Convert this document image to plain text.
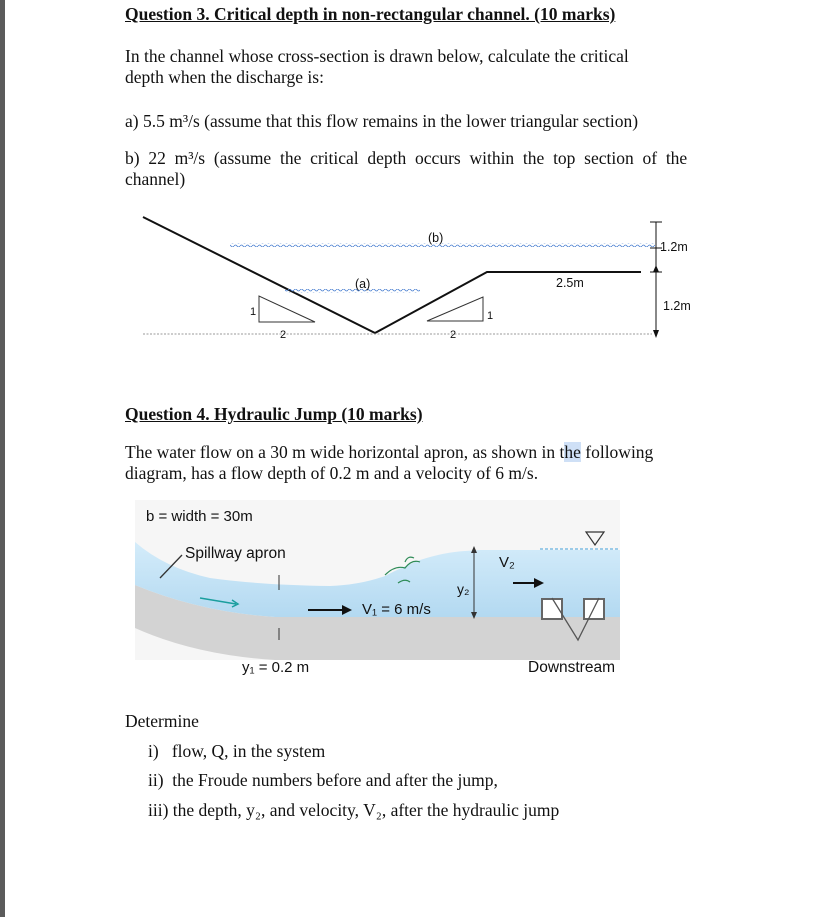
Question 3. Critical depth in non-rectangular channel. (10 marks)
In the channel whose cross-section is drawn below, calculate the critical
depth when the discharge is:
a) 5.5 m³/s (assume that this flow remains in the lower triangular section)
b)  22  m³/s  (assume  the  critical  depth  occurs  within  the  top  section  of  the
channel)
(b)
(a)
1.2m
2.5m
1.2m
1
2
1
2
Question 4. Hydraulic Jump (10 marks)
The water flow on a 30 m wide horizontal apron, as shown in the following
diagram, has a flow depth of 0.2 m and a velocity of 6 m/s.
b = width = 30m
Spillway apron
V₁ = 6 m/s
V₂
y₂
y₁ = 0.2 m	Downstream
Determine
i)   flow, Q, in the system
ii)  the Froude numbers before and after the jump,
iii) the depth, y₂, and velocity, V₂, after the hydraulic jump
